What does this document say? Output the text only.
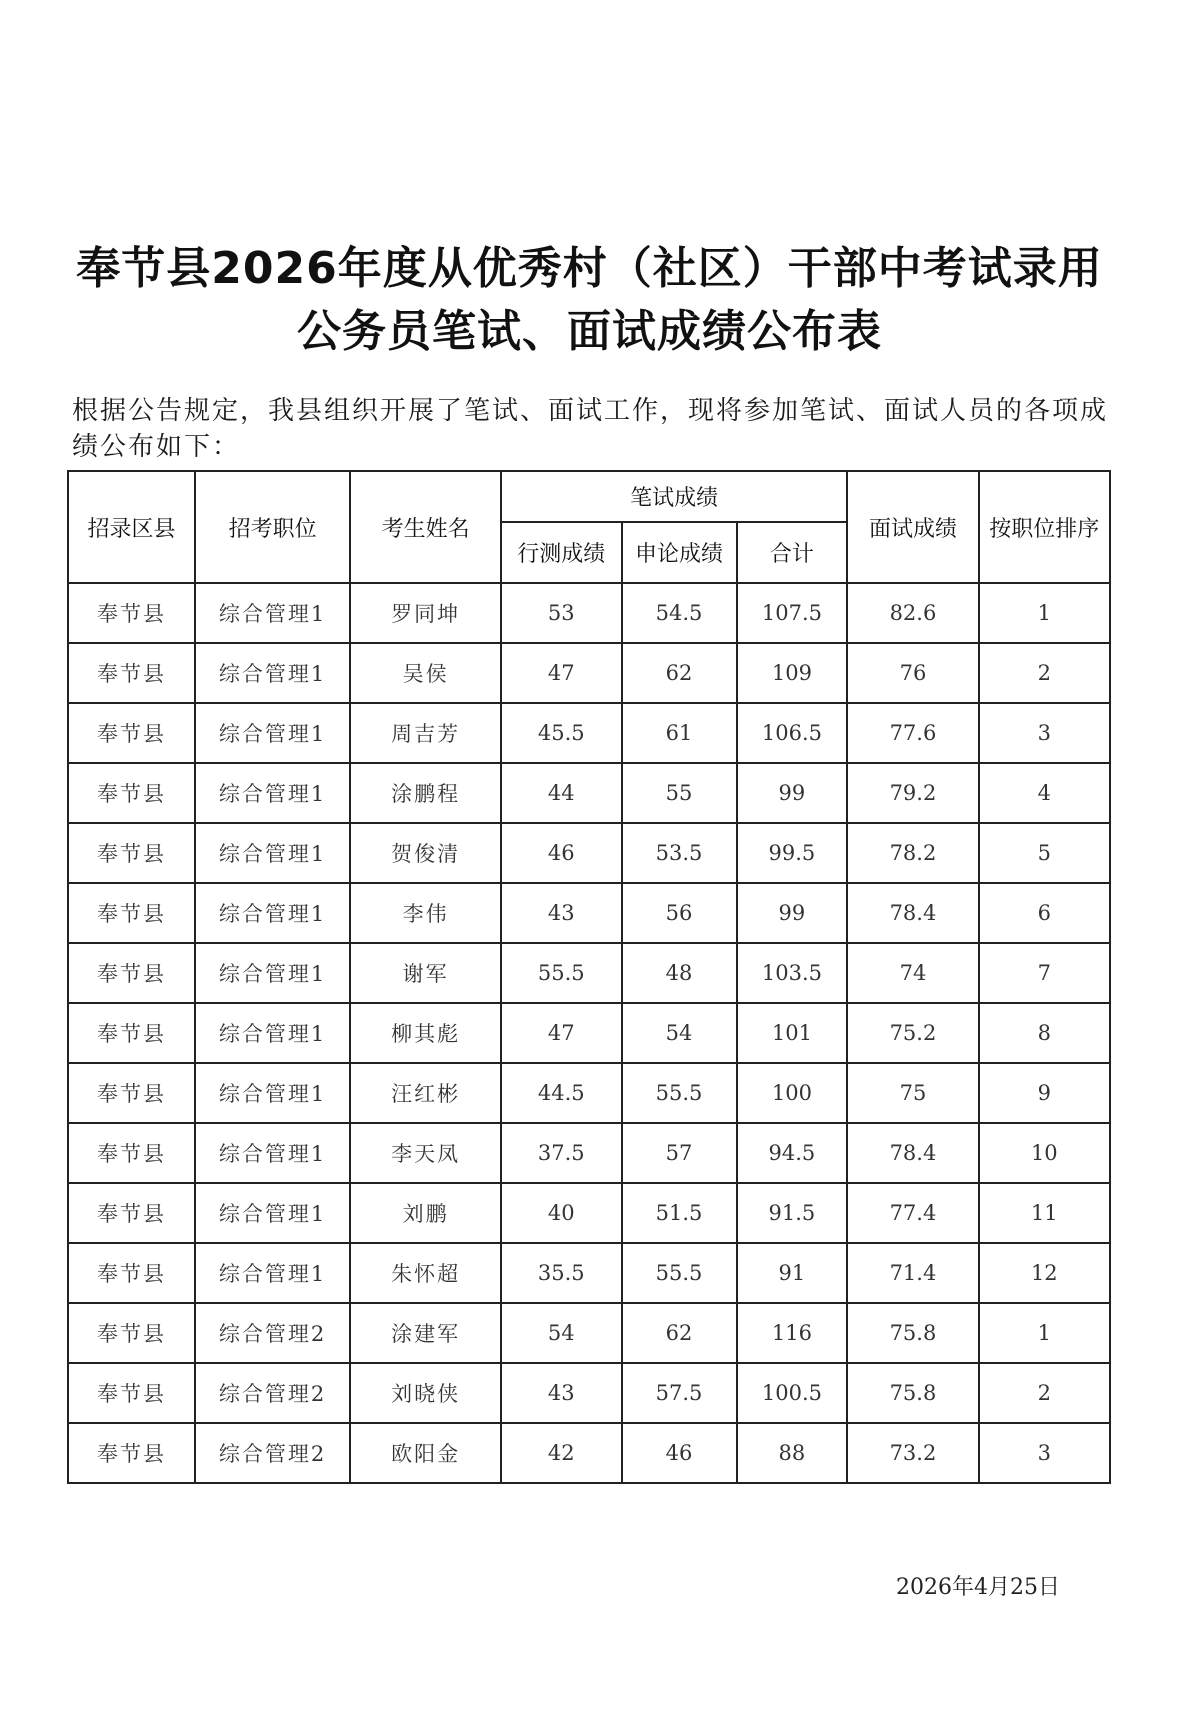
奉节县2026年度从优秀村（社区）干部中考试录用
公务员笔试、面试成绩公布表
根据公告规定，我县组织开展了笔试、面试工作，现将参加笔试、面试人员的各项成绩公布如下：
招录区县	招考职位	考生姓名	笔试成绩			面试成绩	按职位排序
			行测成绩	申论成绩	合计		
奉节县	综合管理1	罗同坤	53	54.5	107.5	82.6	1
奉节县	综合管理1	吴侯	47	62	109	76	2
奉节县	综合管理1	周吉芳	45.5	61	106.5	77.6	3
奉节县	综合管理1	涂鹏程	44	55	99	79.2	4
奉节县	综合管理1	贺俊清	46	53.5	99.5	78.2	5
奉节县	综合管理1	李伟	43	56	99	78.4	6
奉节县	综合管理1	谢军	55.5	48	103.5	74	7
奉节县	综合管理1	柳其彪	47	54	101	75.2	8
奉节县	综合管理1	汪红彬	44.5	55.5	100	75	9
奉节县	综合管理1	李天凤	37.5	57	94.5	78.4	10
奉节县	综合管理1	刘鹏	40	51.5	91.5	77.4	11
奉节县	综合管理1	朱怀超	35.5	55.5	91	71.4	12
奉节县	综合管理2	涂建军	54	62	116	75.8	1
奉节县	综合管理2	刘晓侠	43	57.5	100.5	75.8	2
奉节县	综合管理2	欧阳金	42	46	88	73.2	3
2026年4月25日
